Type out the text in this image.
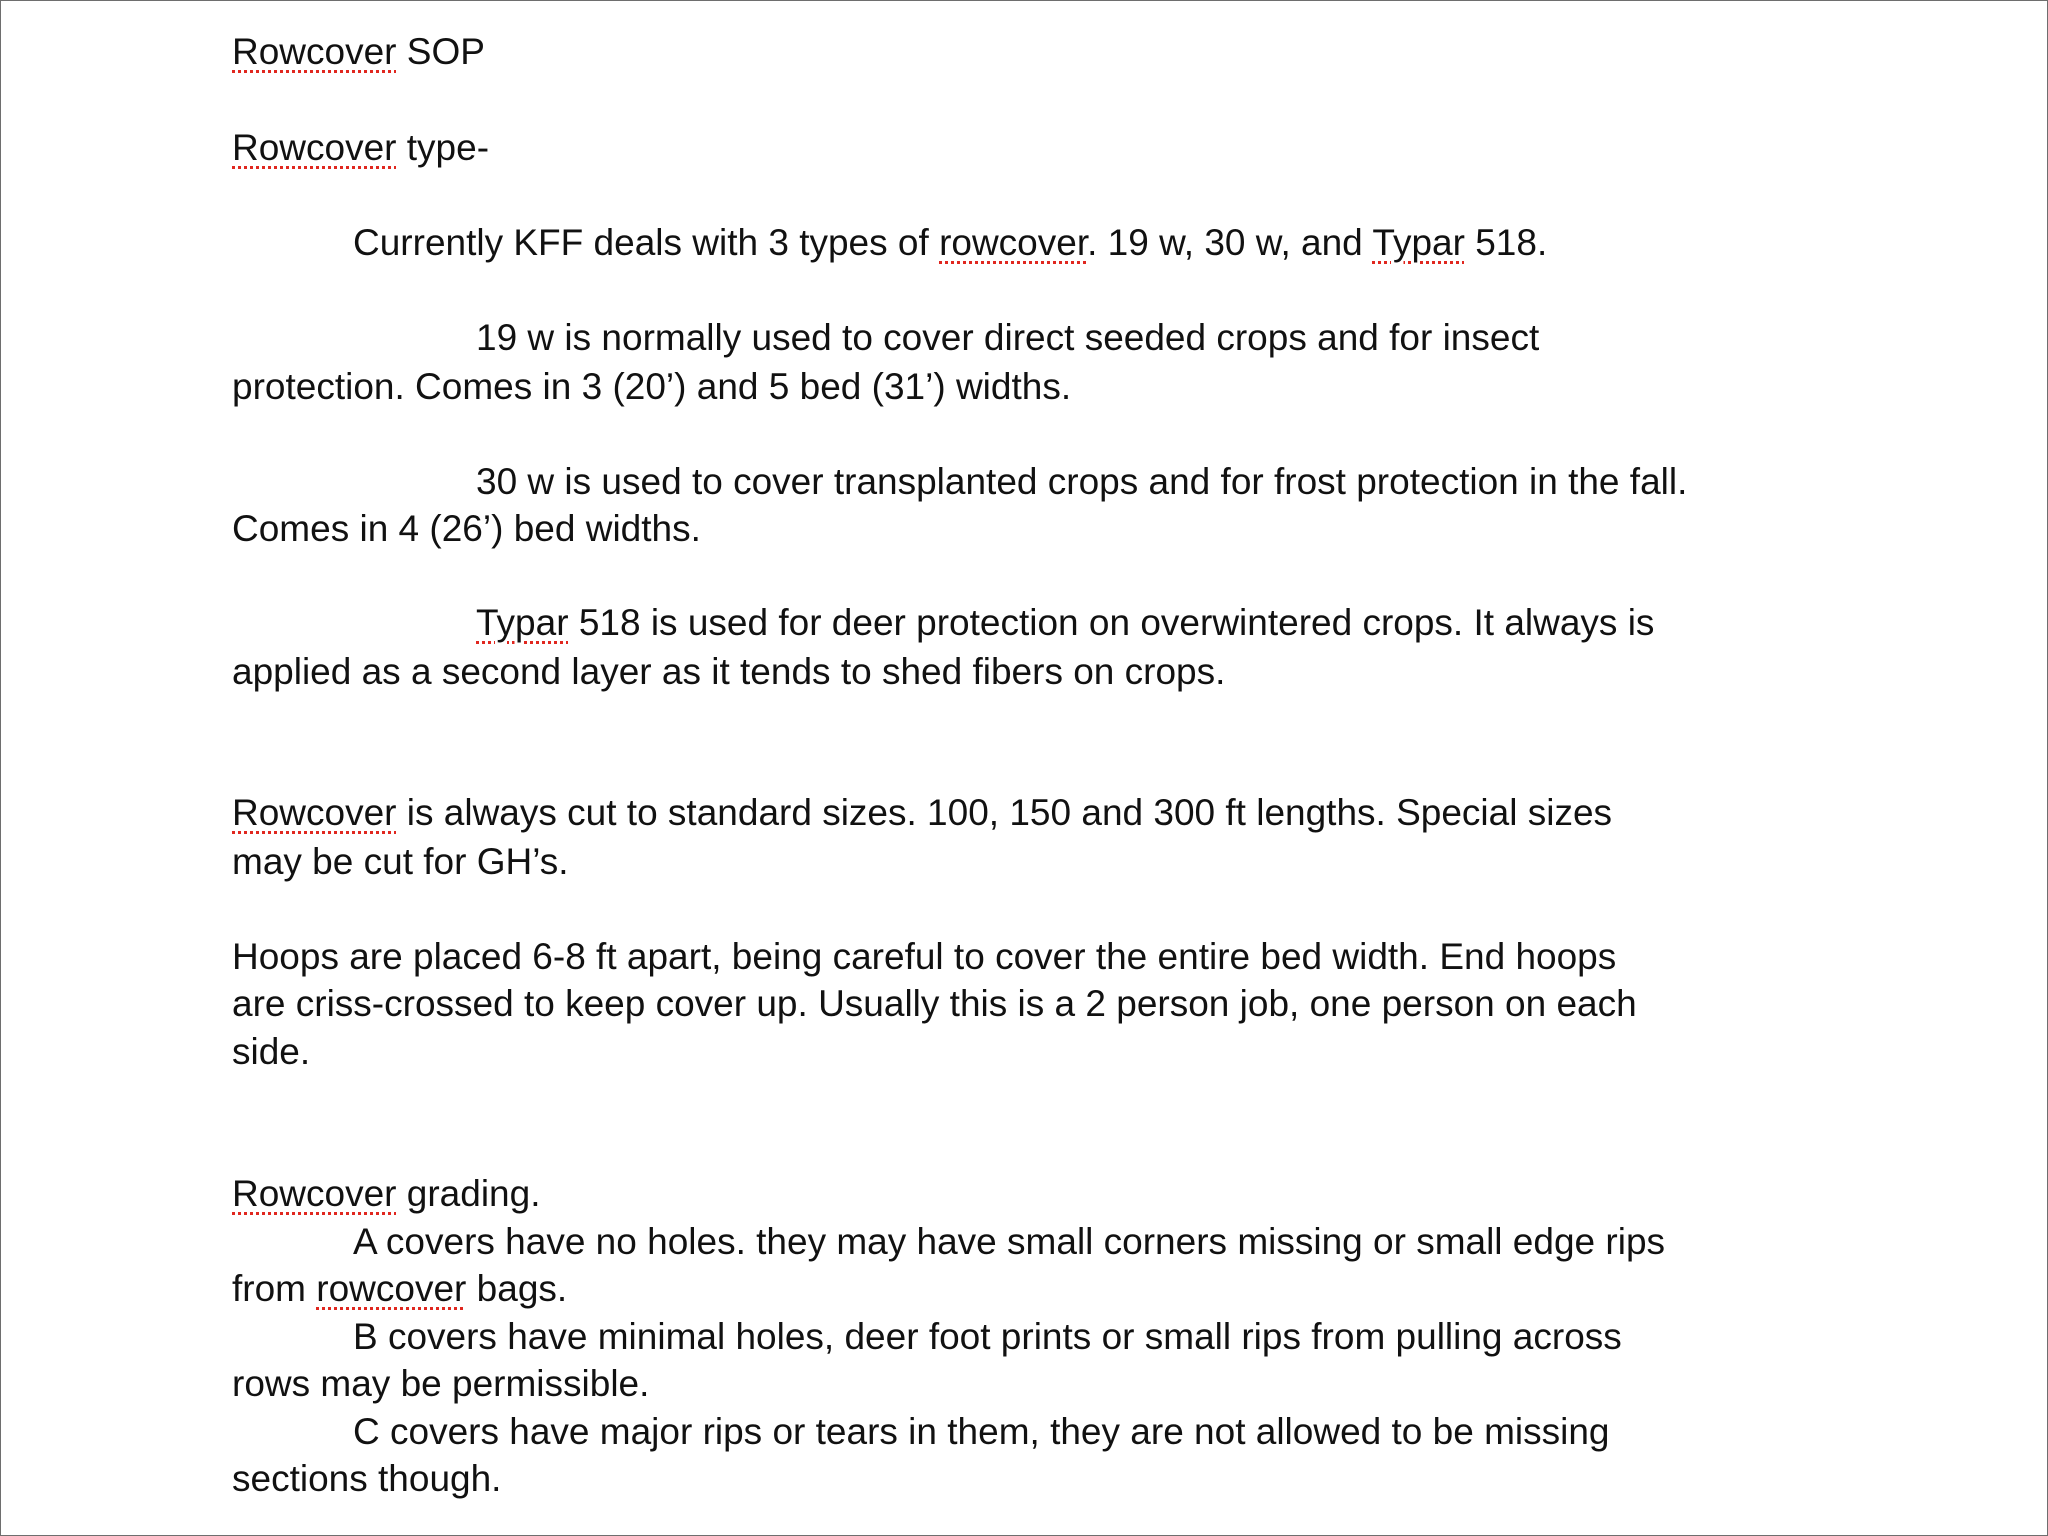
Rowcover SOP

Rowcover type-

Currently KFF deals with 3 types of rowcover. 19 w, 30 w, and Typar 518.

19 w is normally used to cover direct seeded crops and for insect

protection. Comes in 3 (20’) and 5 bed (31’) widths.

30 w is used to cover transplanted crops and for frost protection in the fall.

Comes in 4 (26’) bed widths.

Typar 518 is used for deer protection on overwintered crops. It always is

applied as a second layer as it tends to shed fibers on crops.

Rowcover is always cut to standard sizes. 100, 150 and 300 ft lengths. Special sizes

may be cut for GH’s.

Hoops are placed 6-8 ft apart, being careful to cover the entire bed width. End hoops

are criss-crossed to keep cover up. Usually this is a 2 person job, one person on each

side.

Rowcover grading.

A covers have no holes. they may have small corners missing or small edge rips

from rowcover bags.

B covers have minimal holes, deer foot prints or small rips from pulling across

rows may be permissible.

C covers have major rips or tears in them, they are not allowed to be missing

sections though.
